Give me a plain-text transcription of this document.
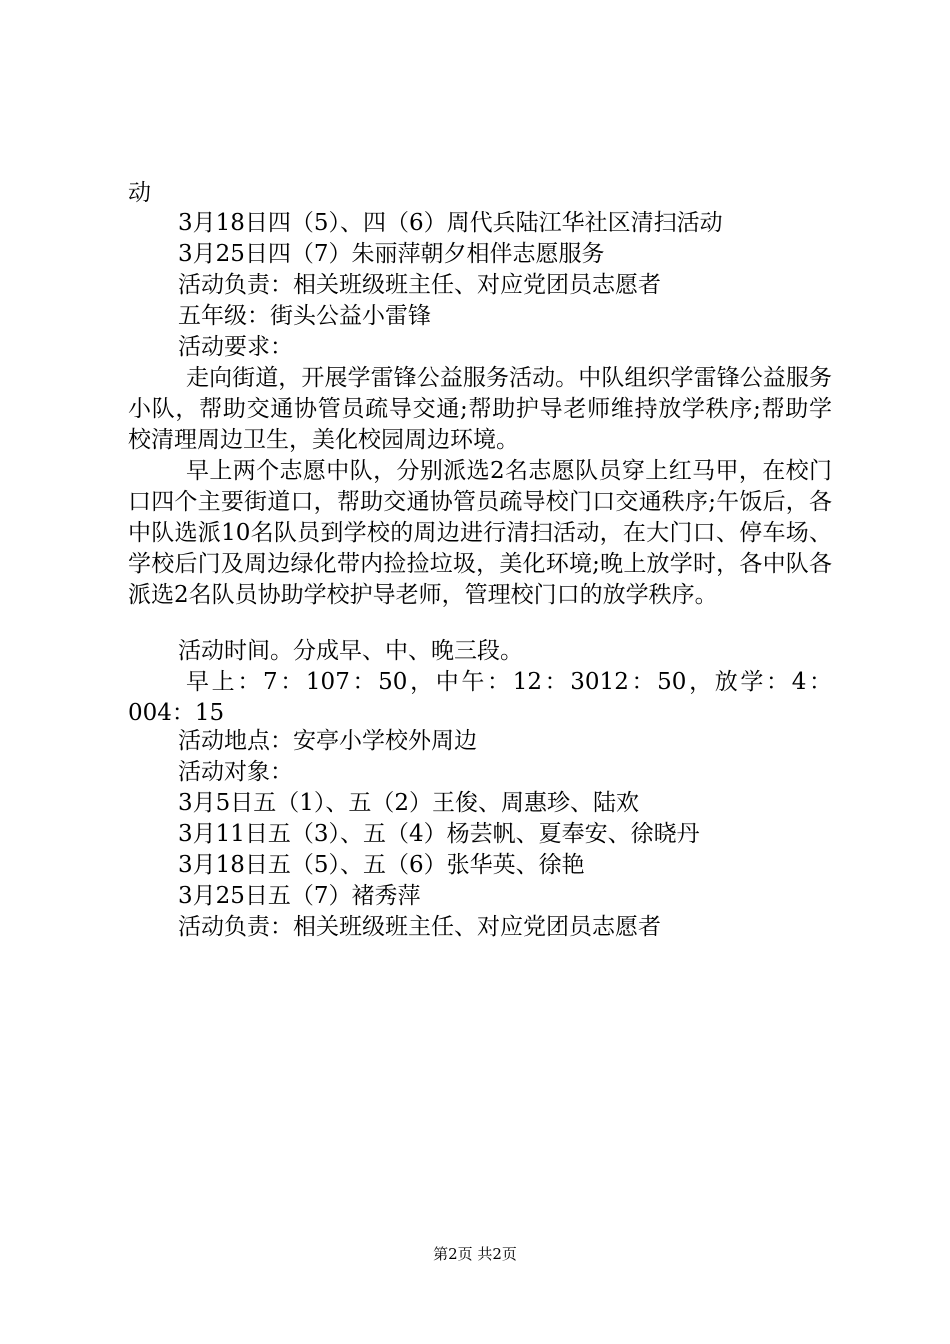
动
3月18日四（5）、四（6）周代兵陆江华社区清扫活动
3月25日四（7）朱丽萍朝夕相伴志愿服务
活动负责：相关班级班主任、对应党团员志愿者
五年级：街头公益小雷锋
活动要求：
走向街道，开展学雷锋公益服务活动。中队组织学雷锋公益服务小队，帮助交通协管员疏导交通;帮助护导老师维持放学秩序;帮助学校清理周边卫生，美化校园周边环境。
早上两个志愿中队，分别派选2名志愿队员穿上红马甲，在校门口四个主要街道口，帮助交通协管员疏导校门口交通秩序;午饭后，各中队选派10名队员到学校的周边进行清扫活动，在大门口、停车场、学校后门及周边绿化带内捡捡垃圾，美化环境;晚上放学时，各中队各派选2名队员协助学校护导老师，管理校门口的放学秩序。
活动时间。分成早、中、晚三段。
早上：7：107：50，中午：12：3012：50，放学：4：004：15
活动地点：安亭小学校外周边
活动对象：
3月5日五（1）、五（2）王俊、周惠珍、陆欢
3月11日五（3）、五（4）杨芸帆、夏奉安、徐晓丹
3月18日五（5）、五（6）张华英、徐艳
3月25日五（7）褚秀萍
活动负责：相关班级班主任、对应党团员志愿者
第2页 共2页
